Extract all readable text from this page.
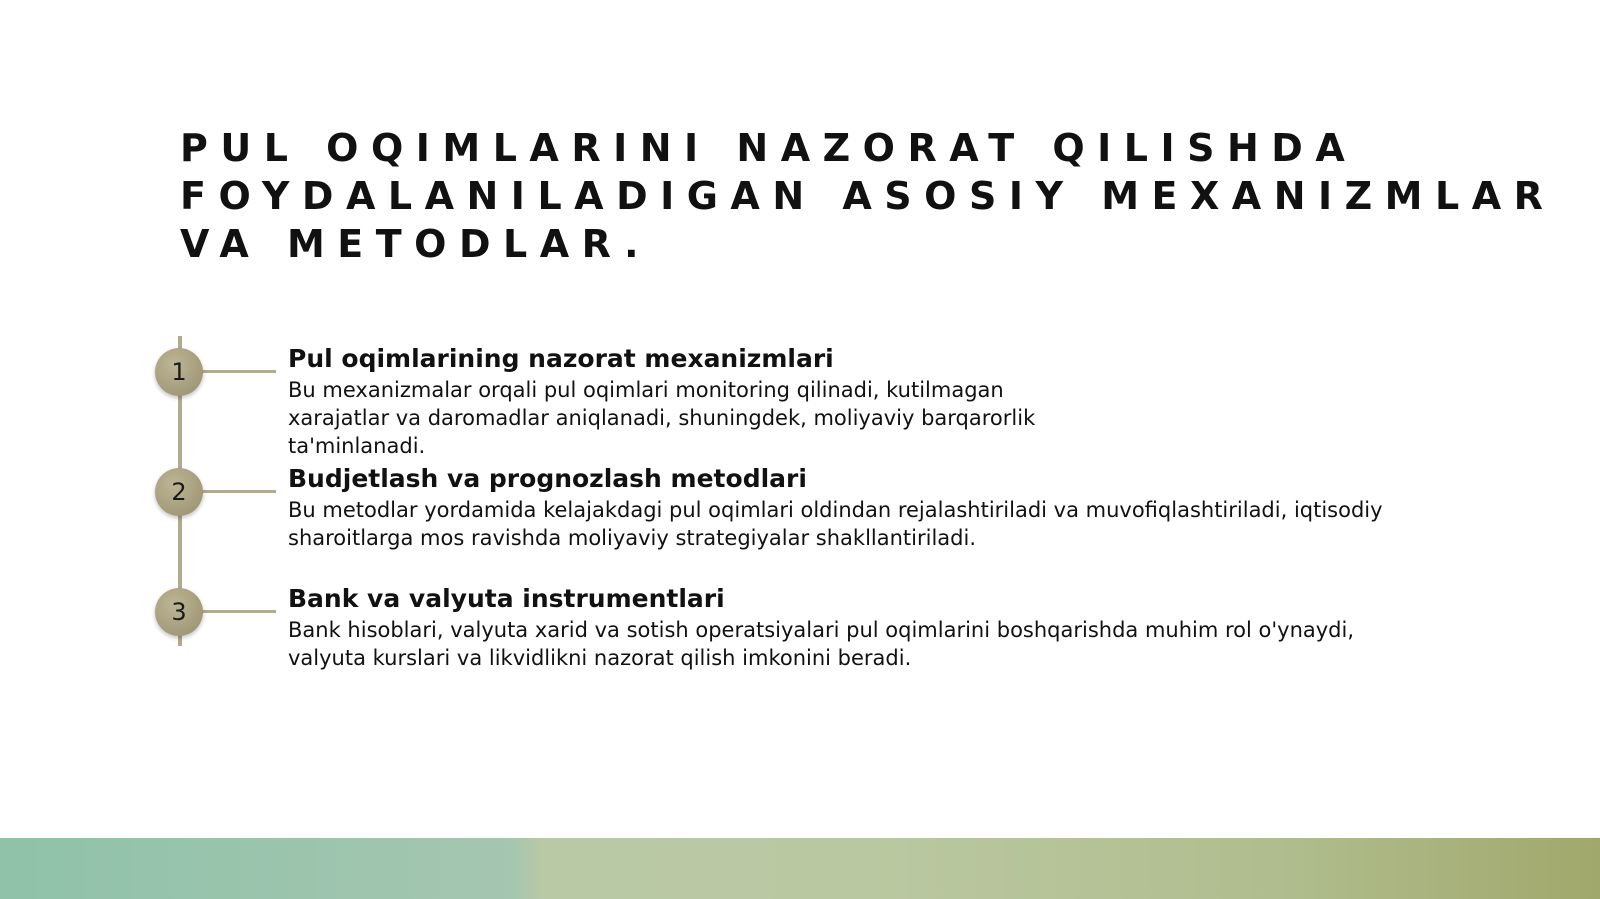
PUL OQIMLARINI NAZORAT QILISHDA FOYDALANILADIGAN ASOSIY MEXANIZMLAR VA METODLAR.
1	Pul oqimlarining nazorat mexanizmlari

Bu mexanizmalar orqali pul oqimlari monitoring qilinadi, kutilmagan xarajatlar va daromadlar aniqlanadi, shuningdek, moliyaviy barqarorlik ta'minlanadi.

2	Budjetlash va prognozlash metodlari

Bu metodlar yordamida kelajakdagi pul oqimlari oldindan rejalashtiriladi va muvofiqlashtiriladi, iqtisodiy sharoitlarga mos ravishda moliyaviy strategiyalar shakllantiriladi.

3	Bank va valyuta instrumentlari

Bank hisoblari, valyuta xarid va sotish operatsiyalari pul oqimlarini boshqarishda muhim rol o'ynaydi, valyuta kurslari va likvidlikni nazorat qilish imkonini beradi.
